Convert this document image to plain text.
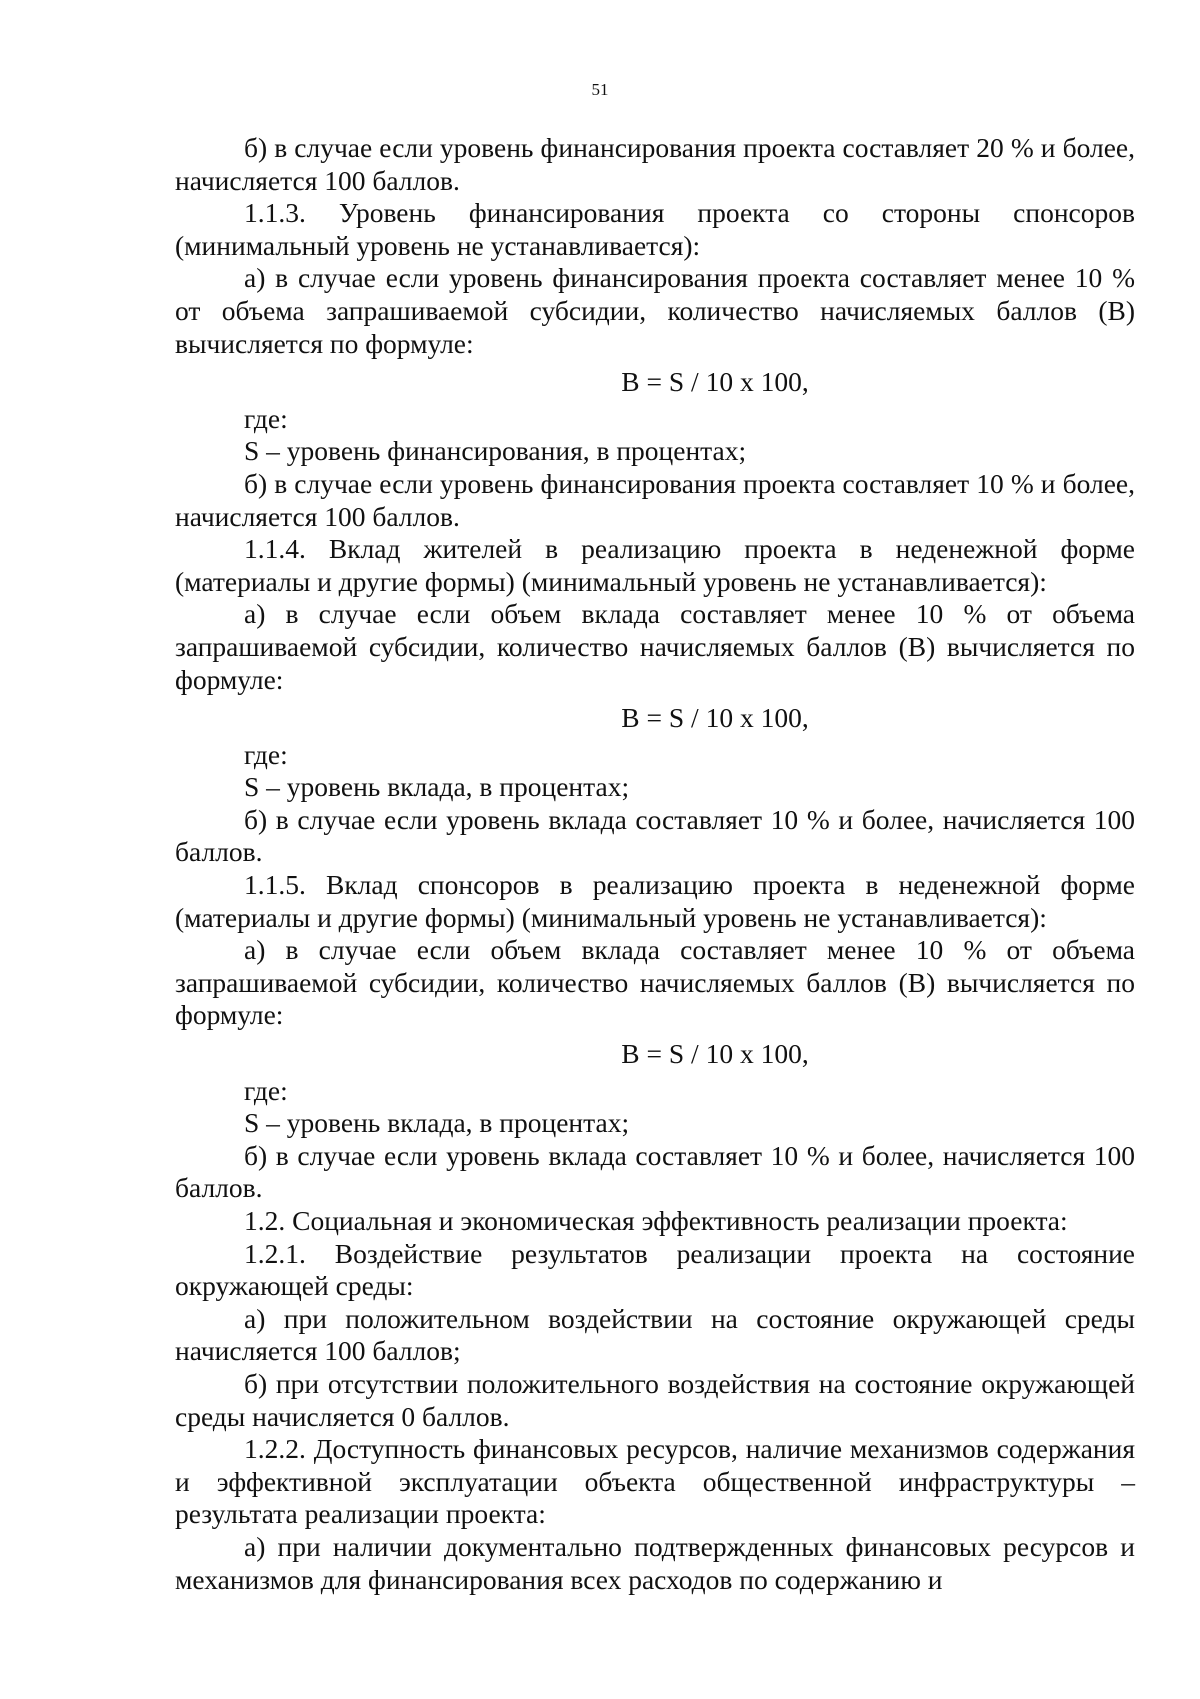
51

б) в случае если уровень финансирования проекта составляет 20 % и более, начисляется 100 баллов.

1.1.3. Уровень финансирования проекта со стороны спонсоров (минимальный уровень не устанавливается):

а) в случае если уровень финансирования проекта составляет менее 10 % от объема запрашиваемой субсидии, количество начисляемых баллов (В) вычисляется по формуле:

В = S / 10 х 100,

где:

S – уровень финансирования, в процентах;

б) в случае если уровень финансирования проекта составляет 10 % и более, начисляется 100 баллов.

1.1.4. Вклад жителей в реализацию проекта в неденежной форме (материалы и другие формы) (минимальный уровень не устанавливается):

а) в случае если объем вклада составляет менее 10 % от объема запрашиваемой субсидии, количество начисляемых баллов (В) вычисляется по формуле:

В = S / 10 х 100,

где:

S – уровень вклада, в процентах;

б) в случае если уровень вклада составляет 10 % и более, начисляется 100 баллов.

1.1.5. Вклад спонсоров в реализацию проекта в неденежной форме (материалы и другие формы) (минимальный уровень не устанавливается):

а) в случае если объем вклада составляет менее 10 % от объема запрашиваемой субсидии, количество начисляемых баллов (В) вычисляется по формуле:

В = S / 10 х 100,

где:

S – уровень вклада, в процентах;

б) в случае если уровень вклада составляет 10 % и более, начисляется 100 баллов.

1.2. Социальная и экономическая эффективность реализации проекта:

1.2.1. Воздействие результатов реализации проекта на состояние окружающей среды:

а) при положительном воздействии на состояние окружающей среды начисляется 100 баллов;

б) при отсутствии положительного воздействия на состояние окружающей среды начисляется 0 баллов.

1.2.2. Доступность финансовых ресурсов, наличие механизмов содержания и эффективной эксплуатации объекта общественной инфраструктуры – результата реализации проекта:

а) при наличии документально подтвержденных финансовых ресурсов и механизмов для финансирования всех расходов по содержанию и
